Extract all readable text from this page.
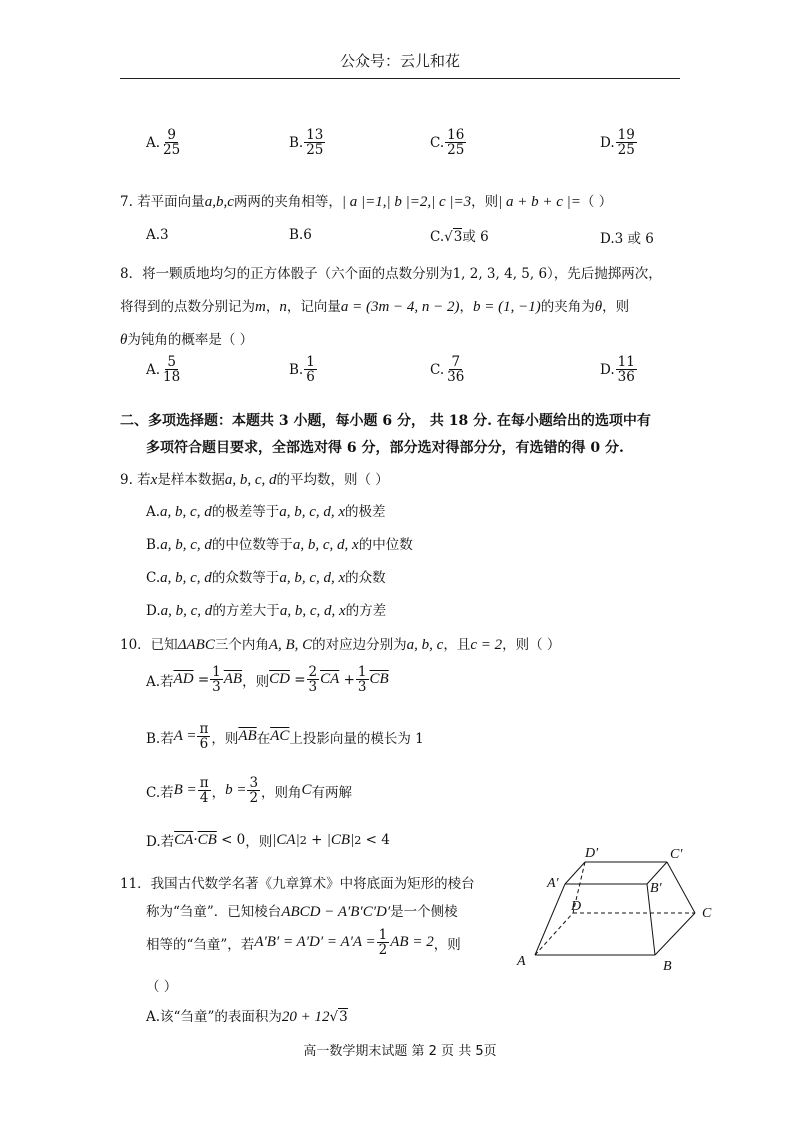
公众号：云儿和花
A. $\frac{9}{25}$	B. $\frac{13}{25}$	C. $\frac{16}{25}$	D. $\frac{19}{25}$
7. 若平面向量a,b,c两两的夹角相等，| a |=1,| b |=2,| c |=3，则| a + b + c |=（ ）
A.3	B.6	C.√3或 6	D.3 或 6
8．将一颗质地均匀的正方体骰子（六个面的点数分别为1, 2, 3, 4, 5, 6），先后抛掷两次，
将得到的点数分别记为m，n，记向量a = (3m − 4, n − 2)，b = (1, −1)的夹角为θ，则
θ为钝角的概率是（ ）
A. $\frac{5}{18}$	B. $\frac{1}{6}$	C. $\frac{7}{36}$	D. $\frac{11}{36}$
二、多项选择题：本题共 3 小题，每小题 6 分， 共 18 分. 在每小题给出的选项中有
多项符合题目要求，全部选对得 6 分，部分选对得部分分，有选错的得 0 分.
9. 若x是样本数据a, b, c, d的平均数，则（ ）
A.a, b, c, d的极差等于a, b, c, d, x的极差
B.a, b, c, d的中位数等于a, b, c, d, x的中位数
C.a, b, c, d的众数等于a, b, c, d, x的众数
D.a, b, c, d的方差大于a, b, c, d, x的方差
10．已知ΔABC三个内角A, B, C的对应边分别为a, b, c，且c = 2，则（ ）
A.若 $\overline{AD}$
= $\frac{1}{3} \overline{AB}$ ，则 $\overline{CD}$
= $\frac{2}{3} \overline{CA}$
+ $\frac{1}{3} \overline{CB}$
B.若 $A = \frac{\pi}{6}$ ，则 $\overline{AB}$ 在 $\overline{AC}$ 上投影向量的模长为 1
C.若 $B = \frac{\pi}{4}$ ， $b = \frac{3}{2}$ ，则角 C 有两解
D.若 $\overline{CA} \cdot \overline{CB}$
< 0 ，则 |CA| 2
+
|CB| 2
< 4
11．我国古代数学名著《九章算术》中将底面为矩形的棱台
称为“刍童”．已知棱台ABCD − A′B′C′D′是一个侧棱
相等的“刍童”，若 $A'B' = A'D' = A'A = \frac{1}{2}$ AB = 2 ，则
（ ）
A.该“刍童”的表面积为20 + 12√3
D′	C′
A′	B′
D	C
A	B
高一数学期末试题 第 2 页 共 5页
